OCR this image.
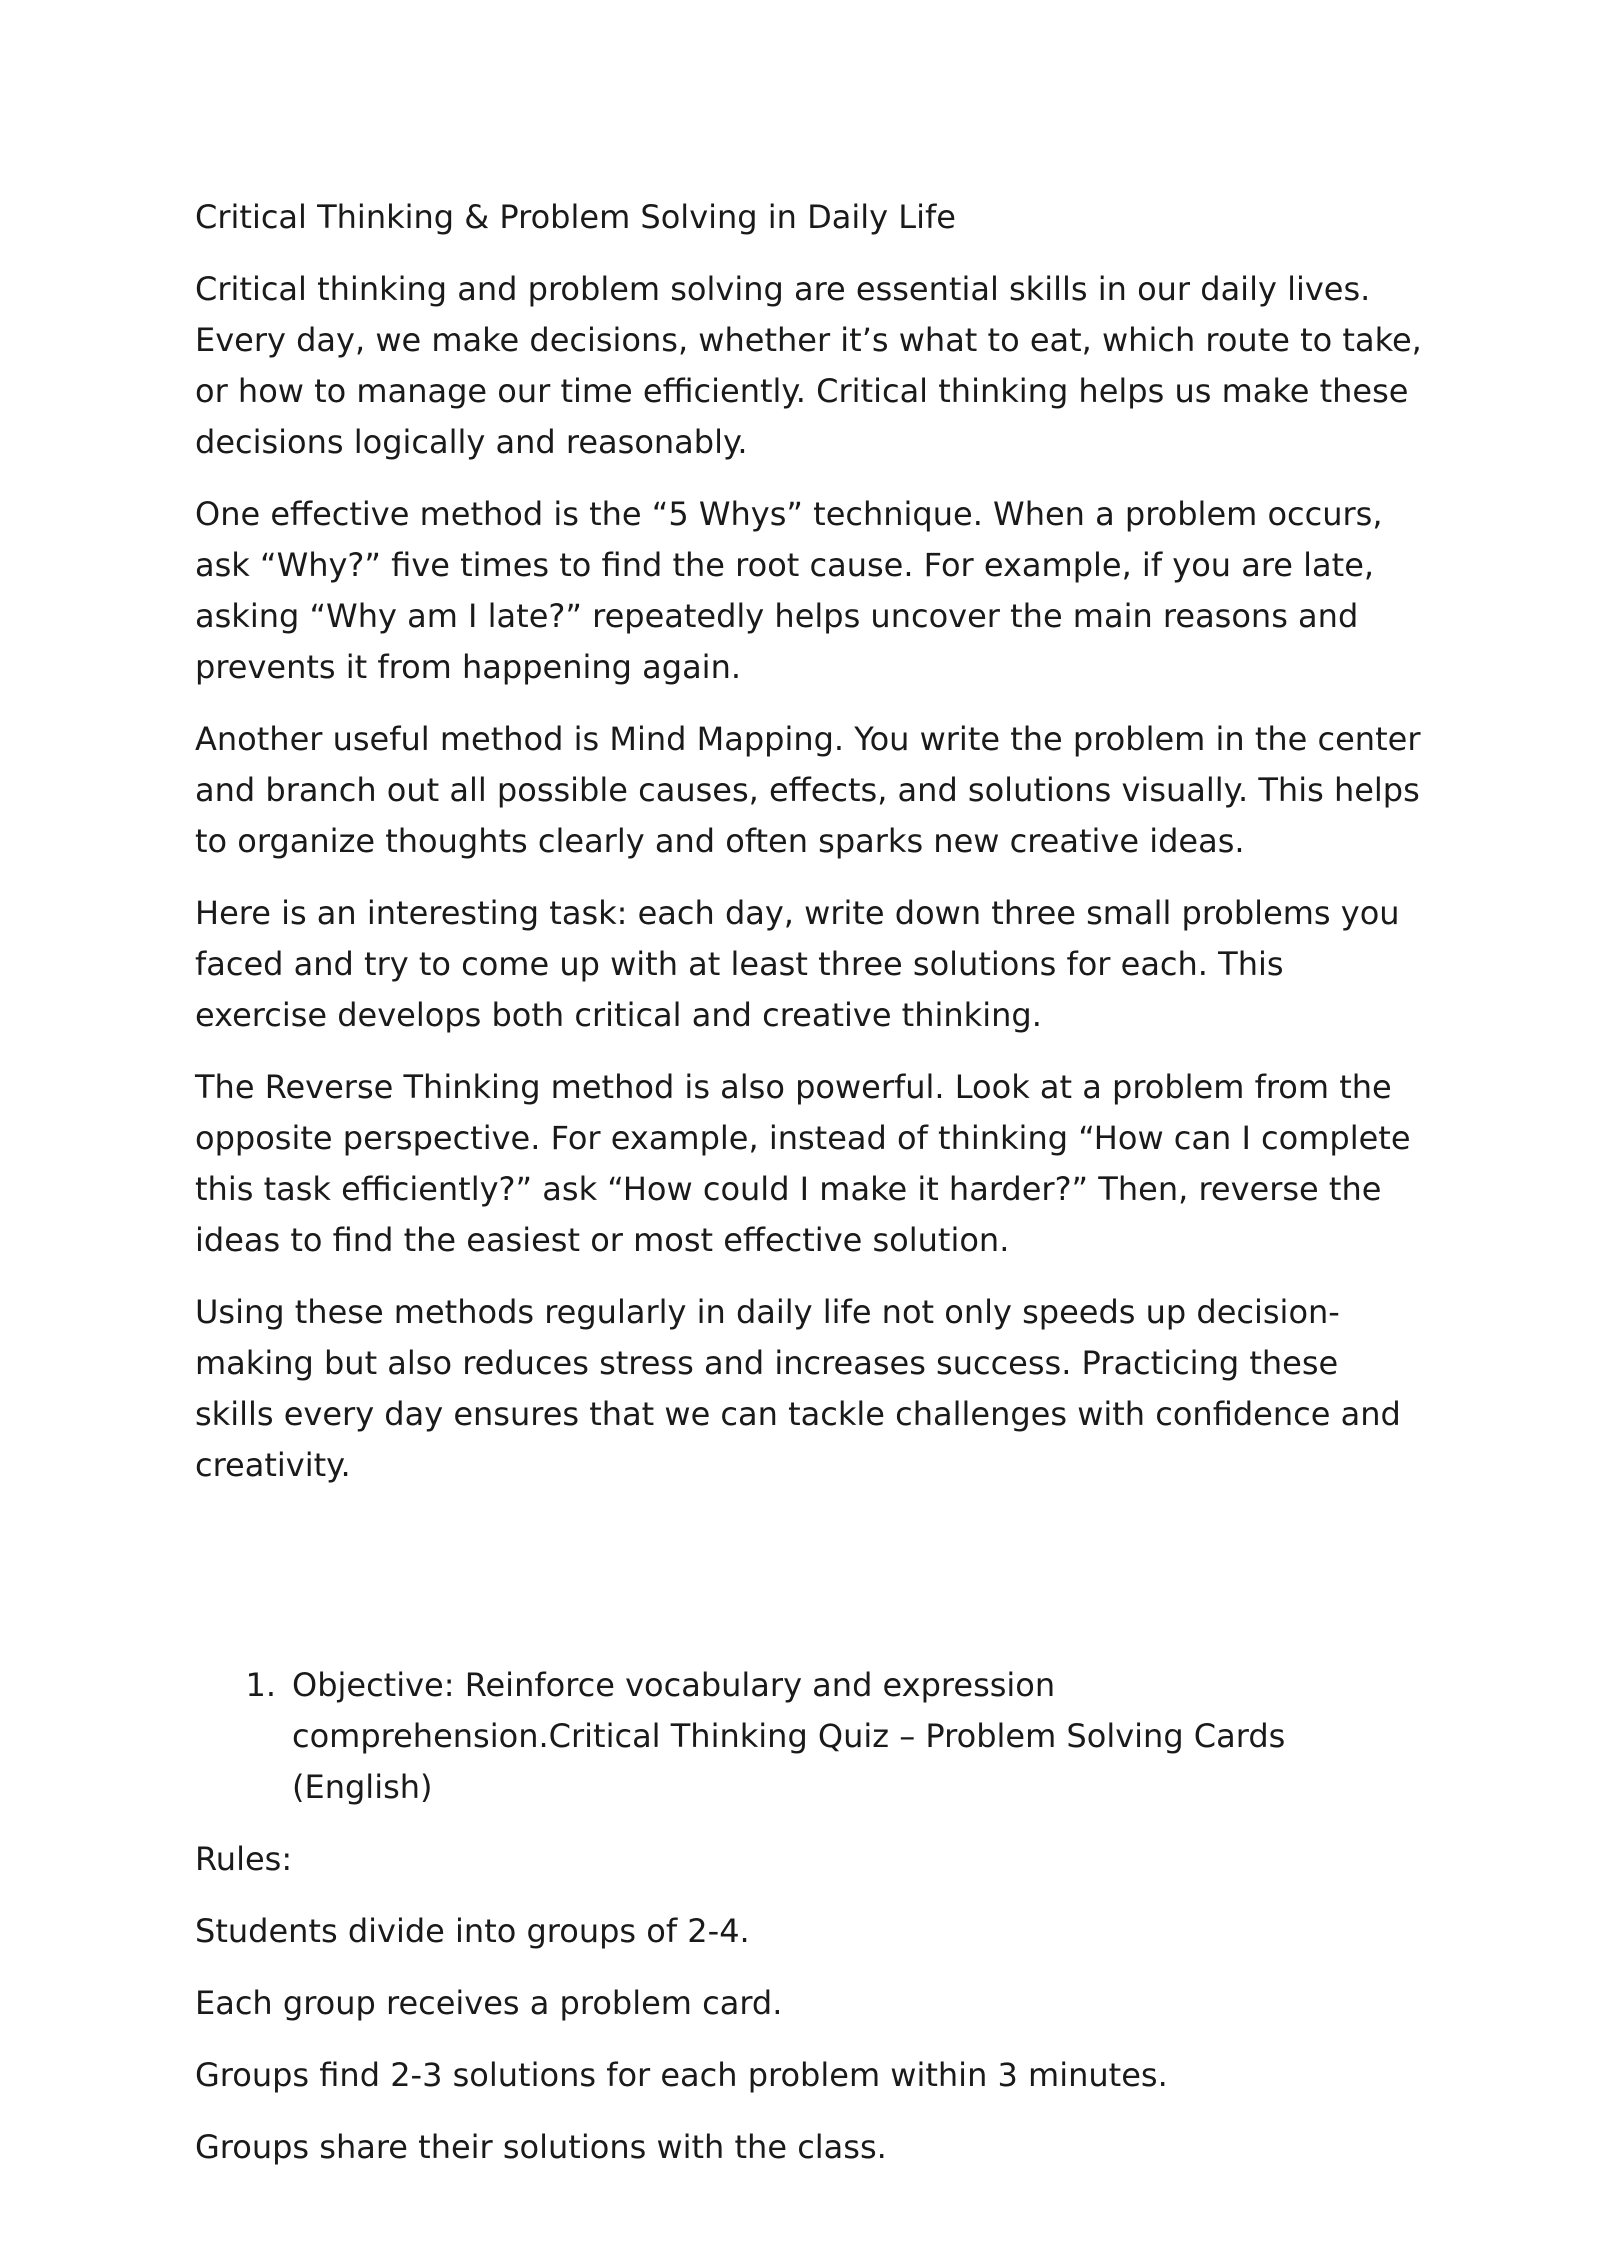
Critical Thinking & Problem Solving in Daily Life

Critical thinking and problem solving are essential skills in our daily lives. Every day, we make decisions, whether it’s what to eat, which route to take, or how to manage our time efficiently. Critical thinking helps us make these decisions logically and reasonably.

One effective method is the “5 Whys” technique. When a problem occurs, ask “Why?” five times to find the root cause. For example, if you are late, asking “Why am I late?” repeatedly helps uncover the main reasons and prevents it from happening again.

Another useful method is Mind Mapping. You write the problem in the center and branch out all possible causes, effects, and solutions visually. This helps to organize thoughts clearly and often sparks new creative ideas.

Here is an interesting task: each day, write down three small problems you faced and try to come up with at least three solutions for each. This exercise develops both critical and creative thinking.

The Reverse Thinking method is also powerful. Look at a problem from the opposite perspective. For example, instead of thinking “How can I complete this task efficiently?” ask “How could I make it harder?” Then, reverse the ideas to find the easiest or most effective solution.

Using these methods regularly in daily life not only speeds up decision-making but also reduces stress and increases success. Practicing these skills every day ensures that we can tackle challenges with confidence and creativity.

1. Objective: Reinforce vocabulary and expression comprehension.Critical Thinking Quiz – Problem Solving Cards (English)

Rules:

Students divide into groups of 2-4.

Each group receives a problem card.

Groups find 2-3 solutions for each problem within 3 minutes.

Groups share their solutions with the class.
